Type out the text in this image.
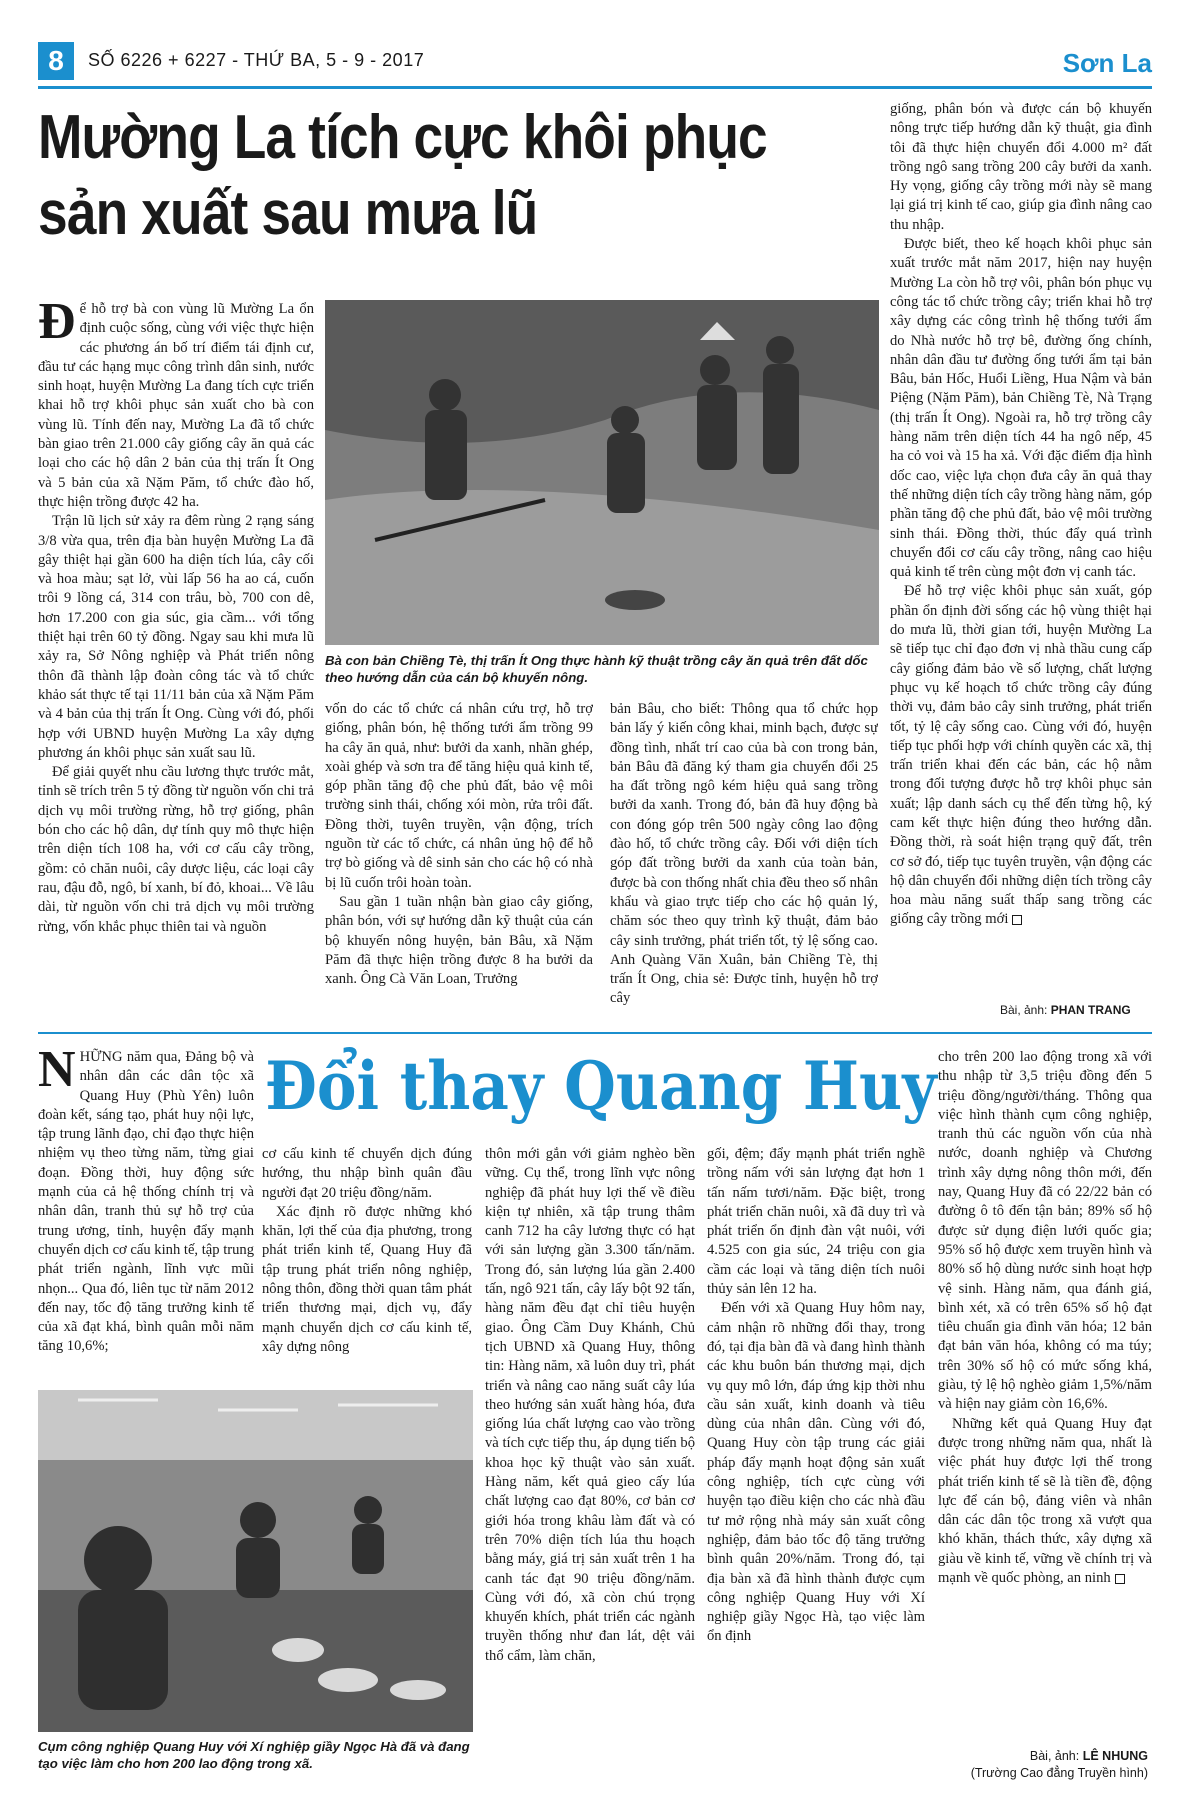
8	SỐ 6226 + 6227 - THỨ BA, 5 - 9 - 2017	Sơn La
Mường La tích cực khôi phục
sản xuất sau mưa lũ

Để hỗ trợ bà con vùng lũ Mường La ổn định cuộc sống, cùng với việc thực hiện các phương án bố trí điểm tái định cư, đầu tư các hạng mục công trình dân sinh, nước sinh hoạt, huyện Mường La đang tích cực triển khai hỗ trợ khôi phục sản xuất cho bà con vùng lũ. Tính đến nay, Mường La đã tổ chức bàn giao trên 21.000 cây giống cây ăn quả các loại cho các hộ dân 2 bản của thị trấn Ít Ong và 5 bản của xã Nặm Păm, tổ chức đào hố, thực hiện trồng được 42 ha.

Trận lũ lịch sử xảy ra đêm rùng 2 rạng sáng 3/8 vừa qua, trên địa bàn huyện Mường La đã gây thiệt hại gần 600 ha diện tích lúa, cây cối và hoa màu; sạt lở, vùi lấp 56 ha ao cá, cuốn trôi 9 lồng cá, 314 con trâu, bò, 700 con dê, hơn 17.200 con gia súc, gia cầm... với tổng thiệt hại trên 60 tỷ đồng. Ngay sau khi mưa lũ xảy ra, Sở Nông nghiệp và Phát triển nông thôn đã thành lập đoàn công tác và tổ chức khảo sát thực tế tại 11/11 bản của xã Nặm Păm và 4 bản của thị trấn Ít Ong. Cùng với đó, phối hợp với UBND huyện Mường La xây dựng phương án khôi phục sản xuất sau lũ.

Để giải quyết nhu cầu lương thực trước mắt, tỉnh sẽ trích trên 5 tỷ đồng từ nguồn vốn chi trả dịch vụ môi trường rừng, hỗ trợ giống, phân bón cho các hộ dân, dự tính quy mô thực hiện trên diện tích 108 ha, với cơ cấu cây trồng, gồm: cỏ chăn nuôi, cây dược liệu, các loại cây rau, đậu đỗ, ngô, bí xanh, bí đỏ, khoai... Về lâu dài, từ nguồn vốn chi trả dịch vụ môi trường rừng, vốn khắc phục thiên tai và nguồn

Bà con bản Chiềng Tè, thị trấn Ít Ong thực hành kỹ thuật trồng cây ăn quả trên đất dốc theo hướng dẫn của cán bộ khuyến nông.

vốn do các tổ chức cá nhân cứu trợ, hỗ trợ giống, phân bón, hệ thống tưới ẩm trồng 99 ha cây ăn quả, như: bưởi da xanh, nhãn ghép, xoài ghép và sơn tra để tăng hiệu quả kinh tế, góp phần tăng độ che phủ đất, bảo vệ môi trường sinh thái, chống xói mòn, rửa trôi đất. Đồng thời, tuyên truyền, vận động, trích nguồn từ các tổ chức, cá nhân ủng hộ để hỗ trợ bò giống và dê sinh sản cho các hộ có nhà bị lũ cuốn trôi hoàn toàn.

Sau gần 1 tuần nhận bàn giao cây giống, phân bón, với sự hướng dẫn kỹ thuật của cán bộ khuyến nông huyện, bản Bâu, xã Nặm Păm đã thực hiện trồng được 8 ha bưởi da xanh. Ông Cà Văn Loan, Trưởng

bản Bâu, cho biết: Thông qua tổ chức họp bản lấy ý kiến công khai, minh bạch, được sự đồng tình, nhất trí cao của bà con trong bản, bản Bâu đã đăng ký tham gia chuyển đổi 25 ha đất trồng ngô kém hiệu quả sang trồng bưởi da xanh. Trong đó, bản đã huy động bà con đóng góp trên 500 ngày công lao động đào hố, tổ chức trồng cây. Đối với diện tích góp đất trồng bưởi da xanh của toàn bản, được bà con thống nhất chia đều theo số nhân khẩu và giao trực tiếp cho các hộ quản lý, chăm sóc theo quy trình kỹ thuật, đảm bảo cây sinh trưởng, phát triển tốt, tỷ lệ sống cao. Anh Quàng Văn Xuân, bản Chiềng Tè, thị trấn Ít Ong, chia sẻ: Được tỉnh, huyện hỗ trợ cây

giống, phân bón và được cán bộ khuyến nông trực tiếp hướng dẫn kỹ thuật, gia đình tôi đã thực hiện chuyển đổi 4.000 m² đất trồng ngô sang trồng 200 cây bưởi da xanh. Hy vọng, giống cây trồng mới này sẽ mang lại giá trị kinh tế cao, giúp gia đình nâng cao thu nhập.

Được biết, theo kế hoạch khôi phục sản xuất trước mắt năm 2017, hiện nay huyện Mường La còn hỗ trợ vôi, phân bón phục vụ công tác tổ chức trồng cây; triển khai hỗ trợ xây dựng các công trình hệ thống tưới ẩm do Nhà nước hỗ trợ bê, đường ống chính, nhân dân đầu tư đường ống tưới ẩm tại bản Bâu, bản Hốc, Huổi Liềng, Hua Nậm và bản Piệng (Nặm Păm), bản Chiềng Tè, Nà Trạng (thị trấn Ít Ong). Ngoài ra, hỗ trợ trồng cây hàng năm trên diện tích 44 ha ngô nếp, 45 ha cỏ voi và 15 ha xả. Với đặc điểm địa hình dốc cao, việc lựa chọn đưa cây ăn quả thay thế những diện tích cây trồng hàng năm, góp phần tăng độ che phủ đất, bảo vệ môi trường sinh thái. Đồng thời, thúc đẩy quá trình chuyển đổi cơ cấu cây trồng, nâng cao hiệu quả kinh tế trên cùng một đơn vị canh tác.

Để hỗ trợ việc khôi phục sản xuất, góp phần ổn định đời sống các hộ vùng thiệt hại do mưa lũ, thời gian tới, huyện Mường La sẽ tiếp tục chỉ đạo đơn vị nhà thầu cung cấp cây giống đảm bảo về số lượng, chất lượng phục vụ kế hoạch tổ chức trồng cây đúng thời vụ, đảm bảo cây sinh trưởng, phát triển tốt, tỷ lệ cây sống cao. Cùng với đó, huyện tiếp tục phối hợp với chính quyền các xã, thị trấn triển khai đến các bản, các hộ nằm trong đối tượng được hỗ trợ khôi phục sản xuất; lập danh sách cụ thể đến từng hộ, ký cam kết thực hiện đúng theo hướng dẫn. Đồng thời, rà soát hiện trạng quỹ đất, trên cơ sở đó, tiếp tục tuyên truyền, vận động các hộ dân chuyển đổi những diện tích trồng cây hoa màu năng suất thấp sang trồng các giống cây trồng mới

Bài, ảnh: PHAN TRANG

NHỮNG năm qua, Đảng bộ và nhân dân các dân tộc xã Quang Huy (Phù Yên) luôn đoàn kết, sáng tạo, phát huy nội lực, tập trung lãnh đạo, chỉ đạo thực hiện nhiệm vụ theo từng năm, từng giai đoạn. Đồng thời, huy động sức mạnh của cả hệ thống chính trị và nhân dân, tranh thủ sự hỗ trợ của trung ương, tỉnh, huyện đẩy mạnh chuyển dịch cơ cấu kinh tế, tập trung phát triển ngành, lĩnh vực mũi nhọn... Qua đó, liên tục từ năm 2012 đến nay, tốc độ tăng trưởng kinh tế của xã đạt khá, bình quân mỗi năm tăng 10,6%;

Đổi thay Quang Huy

cơ cấu kinh tế chuyển dịch đúng hướng, thu nhập bình quân đầu người đạt 20 triệu đồng/năm.

Xác định rõ được những khó khăn, lợi thế của địa phương, trong phát triển kinh tế, Quang Huy đã tập trung phát triển nông nghiệp, nông thôn, đồng thời quan tâm phát triển thương mại, dịch vụ, đẩy mạnh chuyển dịch cơ cấu kinh tế, xây dựng nông

Cụm công nghiệp Quang Huy với Xí nghiệp giầy Ngọc Hà đã và đang tạo việc làm cho hơn 200 lao động trong xã.

thôn mới gắn với giảm nghèo bền vững. Cụ thể, trong lĩnh vực nông nghiệp đã phát huy lợi thế về điều kiện tự nhiên, xã tập trung thâm canh 712 ha cây lương thực có hạt với sản lượng gần 3.300 tấn/năm. Trong đó, sản lượng lúa gần 2.400 tấn, ngô 921 tấn, cây lấy bột 92 tấn, hàng năm đều đạt chỉ tiêu huyện giao. Ông Cầm Duy Khánh, Chủ tịch UBND xã Quang Huy, thông tin: Hàng năm, xã luôn duy trì, phát triển và nâng cao năng suất cây lúa theo hướng sản xuất hàng hóa, đưa giống lúa chất lượng cao vào trồng và tích cực tiếp thu, áp dụng tiến bộ khoa học kỹ thuật vào sản xuất. Hàng năm, kết quả gieo cấy lúa chất lượng cao đạt 80%, cơ bản cơ giới hóa trong khâu làm đất và có trên 70% diện tích lúa thu hoạch bằng máy, giá trị sản xuất trên 1 ha canh tác đạt 90 triệu đồng/năm. Cùng với đó, xã còn chú trọng khuyến khích, phát triển các ngành truyền thống như đan lát, dệt vải thổ cẩm, làm chăn,

gối, đệm; đẩy mạnh phát triển nghề trồng nấm với sản lượng đạt hơn 1 tấn nấm tươi/năm. Đặc biệt, trong phát triển chăn nuôi, xã đã duy trì và phát triển ổn định đàn vật nuôi, với 4.525 con gia súc, 24 triệu con gia cầm các loại và tăng diện tích nuôi thủy sản lên 12 ha.

Đến với xã Quang Huy hôm nay, cảm nhận rõ những đổi thay, trong đó, tại địa bàn đã và đang hình thành các khu buôn bán thương mại, dịch vụ quy mô lớn, đáp ứng kịp thời nhu cầu sản xuất, kinh doanh và tiêu dùng của nhân dân. Cùng với đó, Quang Huy còn tập trung các giải pháp đẩy mạnh hoạt động sản xuất công nghiệp, tích cực cùng với huyện tạo điều kiện cho các nhà đầu tư mở rộng nhà máy sản xuất công nghiệp, đảm bảo tốc độ tăng trưởng bình quân 20%/năm. Trong đó, tại địa bàn xã đã hình thành được cụm công nghiệp Quang Huy với Xí nghiệp giầy Ngọc Hà, tạo việc làm ổn định

cho trên 200 lao động trong xã với thu nhập từ 3,5 triệu đồng đến 5 triệu đồng/người/tháng. Thông qua việc hình thành cụm công nghiệp, tranh thủ các nguồn vốn của nhà nước, doanh nghiệp và Chương trình xây dựng nông thôn mới, đến nay, Quang Huy đã có 22/22 bản có đường ô tô đến tận bản; 89% số hộ được sử dụng điện lưới quốc gia; 95% số hộ được xem truyền hình và 80% số hộ dùng nước sinh hoạt hợp vệ sinh. Hàng năm, qua đánh giá, bình xét, xã có trên 65% số hộ đạt tiêu chuẩn gia đình văn hóa; 12 bản đạt bản văn hóa, không có ma túy; trên 30% số hộ có mức sống khá, giàu, tỷ lệ hộ nghèo giảm 1,5%/năm và hiện nay giảm còn 16,6%.

Những kết quả Quang Huy đạt được trong những năm qua, nhất là việc phát huy được lợi thế trong phát triển kinh tế sẽ là tiền đề, động lực để cán bộ, đảng viên và nhân dân các dân tộc trong xã vượt qua khó khăn, thách thức, xây dựng xã giàu về kinh tế, vững về chính trị và mạnh về quốc phòng, an ninh

Bài, ảnh: LÊ NHUNG
(Trường Cao đẳng Truyền hình)
